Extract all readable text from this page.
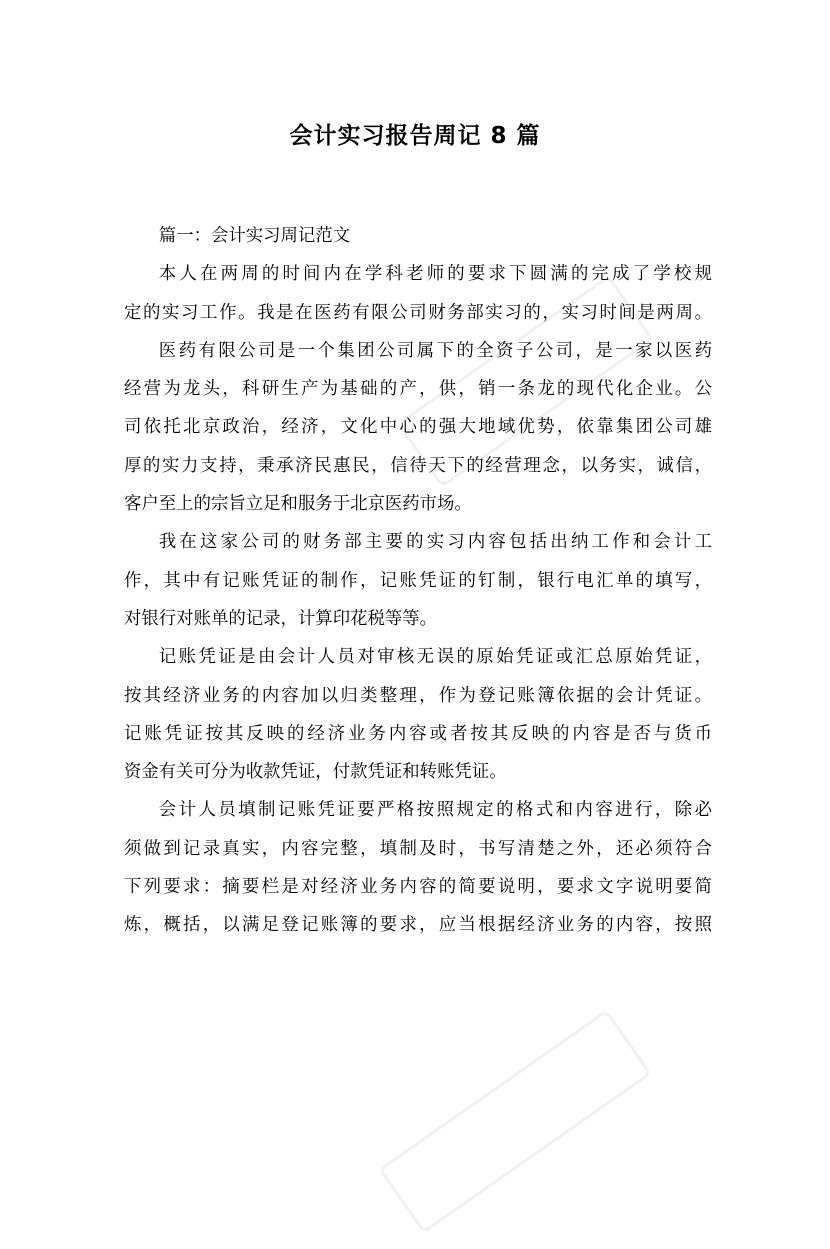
会计实习报告周记 8 篇
篇一：会计实习周记范文
本人在两周的时间内在学科老师的要求下圆满的完成了学校规
定的实习工作。我是在医药有限公司财务部实习的，实习时间是两周。
医药有限公司是一个集团公司属下的全资子公司，是一家以医药
经营为龙头，科研生产为基础的产，供，销一条龙的现代化企业。公
司依托北京政治，经济，文化中心的强大地域优势，依靠集团公司雄
厚的实力支持，秉承济民惠民，信待天下的经营理念，以务实，诚信，
客户至上的宗旨立足和服务于北京医药市场。
我在这家公司的财务部主要的实习内容包括出纳工作和会计工
作，其中有记账凭证的制作，记账凭证的钉制，银行电汇单的填写，
对银行对账单的记录，计算印花税等等。
记账凭证是由会计人员对审核无误的原始凭证或汇总原始凭证，
按其经济业务的内容加以归类整理，作为登记账簿依据的会计凭证。
记账凭证按其反映的经济业务内容或者按其反映的内容是否与货币
资金有关可分为收款凭证，付款凭证和转账凭证。
会计人员填制记账凭证要严格按照规定的格式和内容进行，除必
须做到记录真实，内容完整，填制及时，书写清楚之外，还必须符合
下列要求：摘要栏是对经济业务内容的简要说明，要求文字说明要简
炼，概括，以满足登记账簿的要求，应当根据经济业务的内容，按照
